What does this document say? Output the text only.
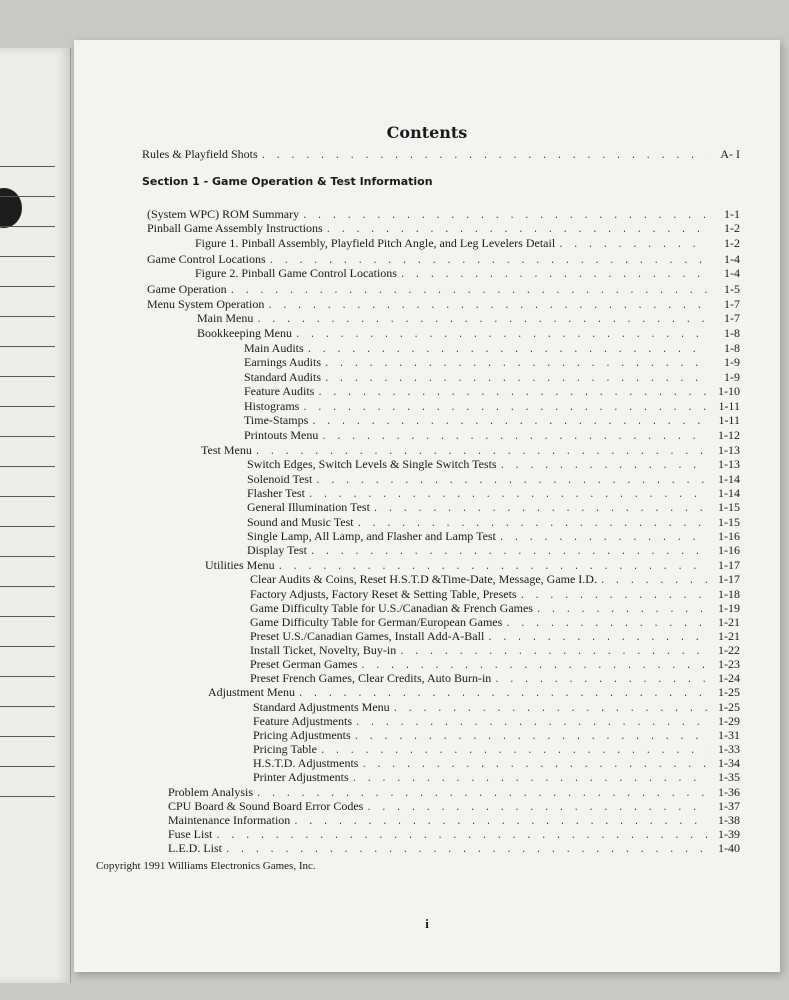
Contents
Section 1 - Game Operation & Test Information
Rules & Playfield Shots . . .	A- I
(System WPC) ROM Summary . . .	1-1
Pinball Game Assembly Instructions . . .	1-2
Figure 1. Pinball Assembly, Playfield Pitch Angle, and Leg Levelers Detail . . .	1-2
Game Control Locations . . .	1-4
Figure 2. Pinball Game Control Locations . . .	1-4
Game Operation . . .	1-5
Menu System Operation . . .	1-7
Main Menu . . .	1-7
Bookkeeping Menu . . .	1-8
Main Audits . . .	1-8
Earnings Audits . . .	1-9
Standard Audits . . .	1-9
Feature Audits . . .	1-10
Histograms . . .	1-11
Time-Stamps . . .	1-11
Printouts Menu . . .	1-12
Test Menu . . .	1-13
Switch Edges, Switch Levels & Single Switch Tests . . .	1-13
Solenoid Test . . .	1-14
Flasher Test . . .	1-14
General Illumination Test . . .	1-15
Sound and Music Test . . .	1-15
Single Lamp, All Lamp, and Flasher and Lamp Test . . .	1-16
Display Test . . .	1-16
Utilities Menu . . .	1-17
Clear Audits & Coins, Reset H.S.T.D &Time-Date, Message, Game I.D. . . .	1-17
Factory Adjusts, Factory Reset & Setting Table, Presets . . .	1-18
Game Difficulty Table for U.S./Canadian & French Games . . .	1-19
Game Difficulty Table for German/European Games . . .	1-21
Preset U.S./Canadian Games, Install Add-A-Ball . . .	1-21
Install Ticket, Novelty, Buy-in . . .	1-22
Preset German Games . . .	1-23
Preset French Games, Clear Credits, Auto Burn-in . . .	1-24
Adjustment Menu . . .	1-25
Standard Adjustments Menu . . .	1-25
Feature Adjustments . . .	1-29
Pricing Adjustments . . .	1-31
Pricing Table . . .	1-33
H.S.T.D. Adjustments . . .	1-34
Printer Adjustments . . .	1-35
Problem Analysis . . .	1-36
CPU Board & Sound Board Error Codes . . .	1-37
Maintenance Information . . .	1-38
Fuse List . . .	1-39
L.E.D. List . . .	1-40
Copyright 1991 Williams Electronics Games, Inc.
i
